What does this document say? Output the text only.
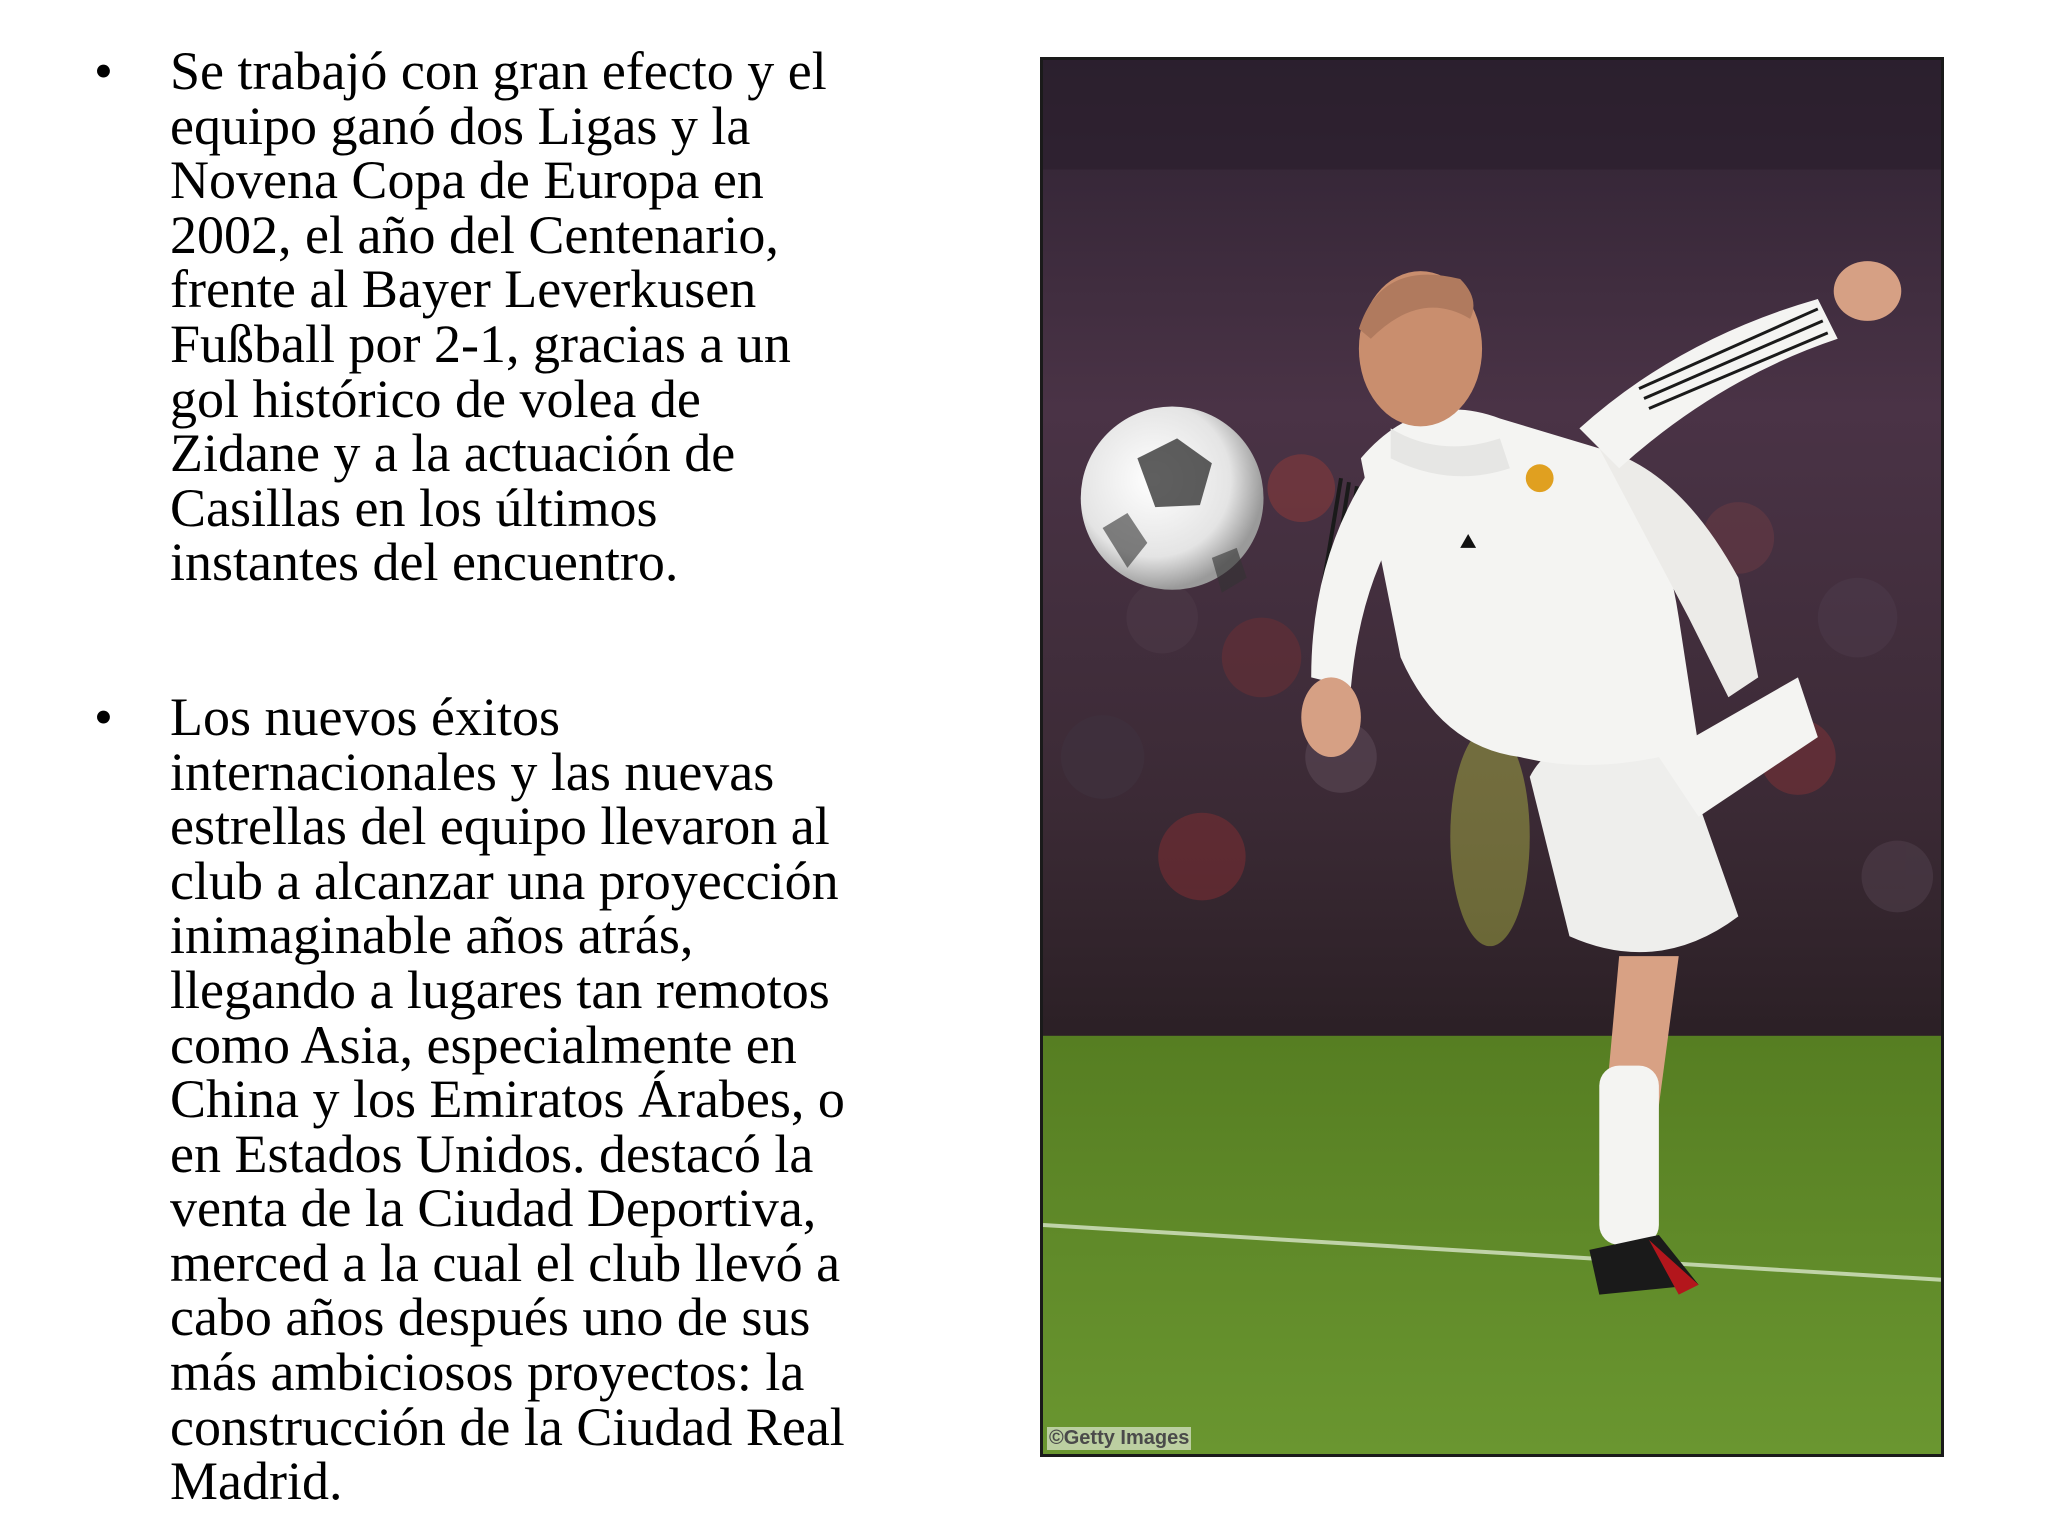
• Se trabajó con gran efecto y el
equipo ganó dos Ligas y la
Novena Copa de Europa en
2002, el año del Centenario,
frente al Bayer Leverkusen
Fußball por 2-1, gracias a un
gol histórico de volea de
Zidane y a la actuación de
Casillas en los últimos
instantes del encuentro.
• Los nuevos éxitos
internacionales y las nuevas
estrellas del equipo llevaron al
club a alcanzar una proyección
inimaginable años atrás,
llegando a lugares tan remotos
como Asia, especialmente en
China y los Emiratos Árabes, o
en Estados Unidos. destacó la
venta de la Ciudad Deportiva,
merced a la cual el club llevó a
cabo años después uno de sus
más ambiciosos proyectos: la
construcción de la Ciudad Real
Madrid.
©Getty Images
